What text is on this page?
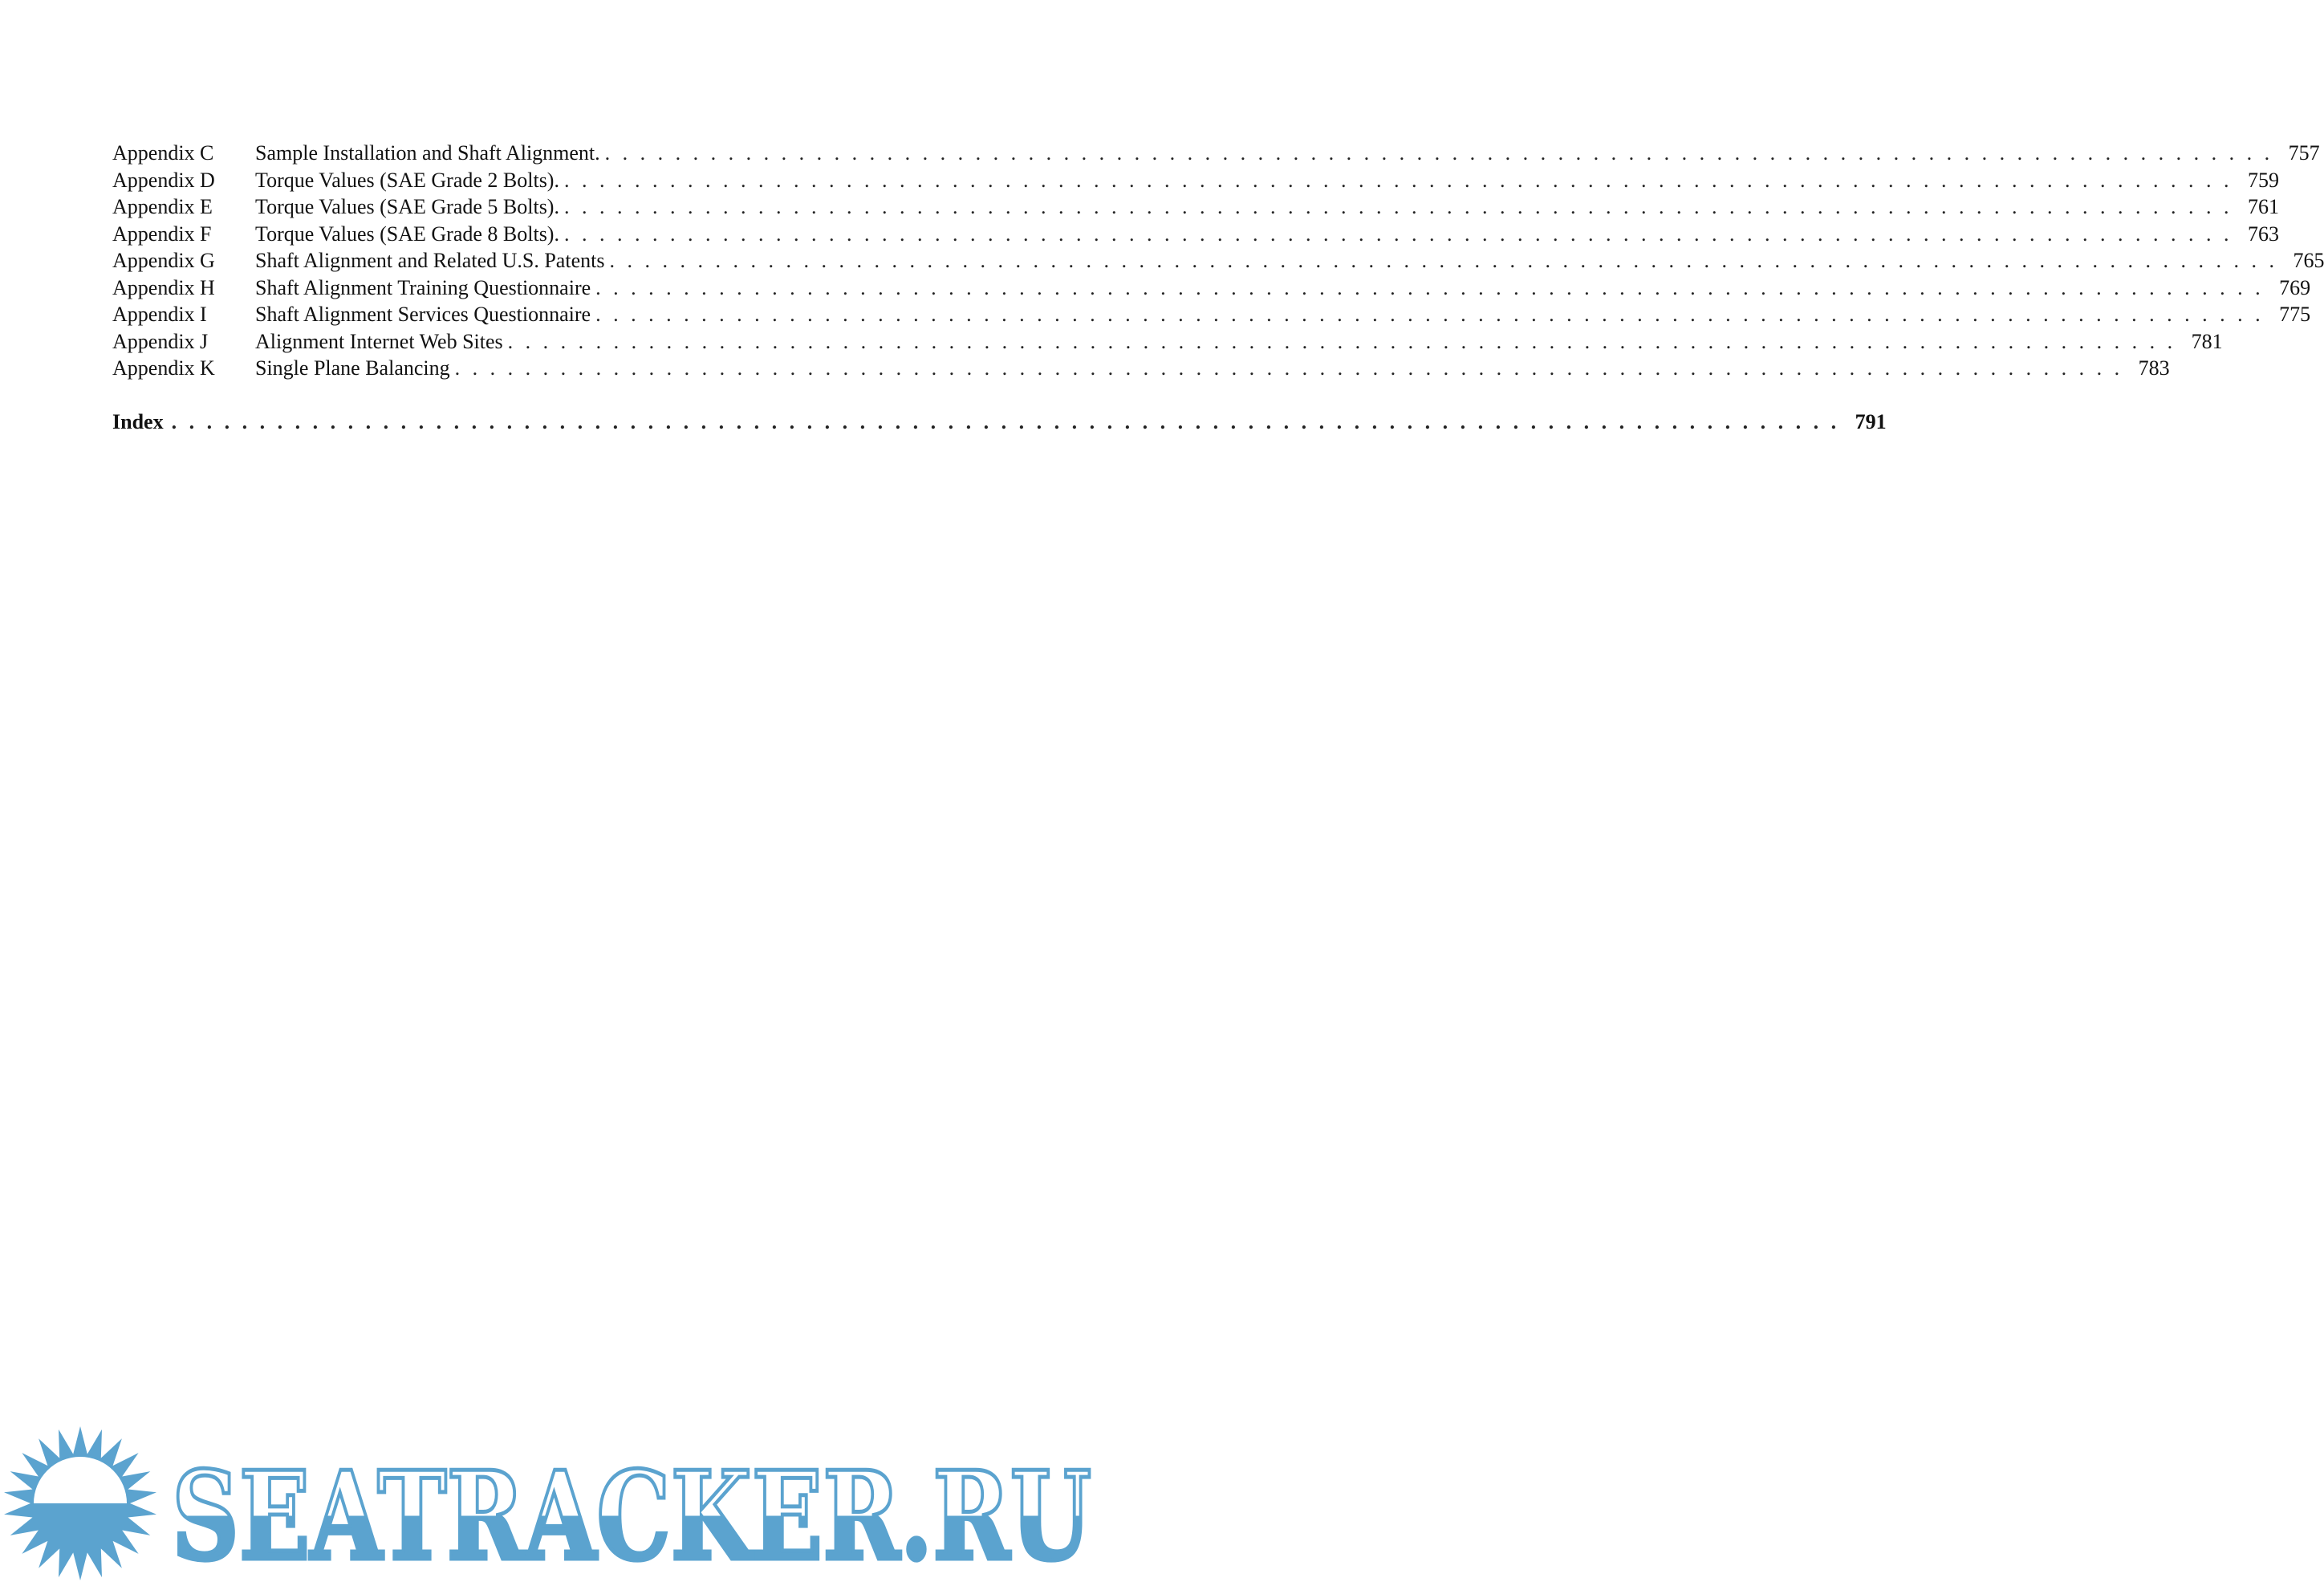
Appendix C	Sample Installation and Shaft Alignment. . . .	757
Appendix D	Torque Values (SAE Grade 2 Bolts). . . .	759
Appendix E	Torque Values (SAE Grade 5 Bolts). . . .	761
Appendix F	Torque Values (SAE Grade 8 Bolts). . . .	763
Appendix G	Shaft Alignment and Related U.S. Patents . . .	765
Appendix H	Shaft Alignment Training Questionnaire . . .	769
Appendix I	Shaft Alignment Services Questionnaire . . .	775
Appendix J	Alignment Internet Web Sites . . .	781
Appendix K	Single Plane Balancing . . .	783
Index . . .	791
SEATRACKER.RU
